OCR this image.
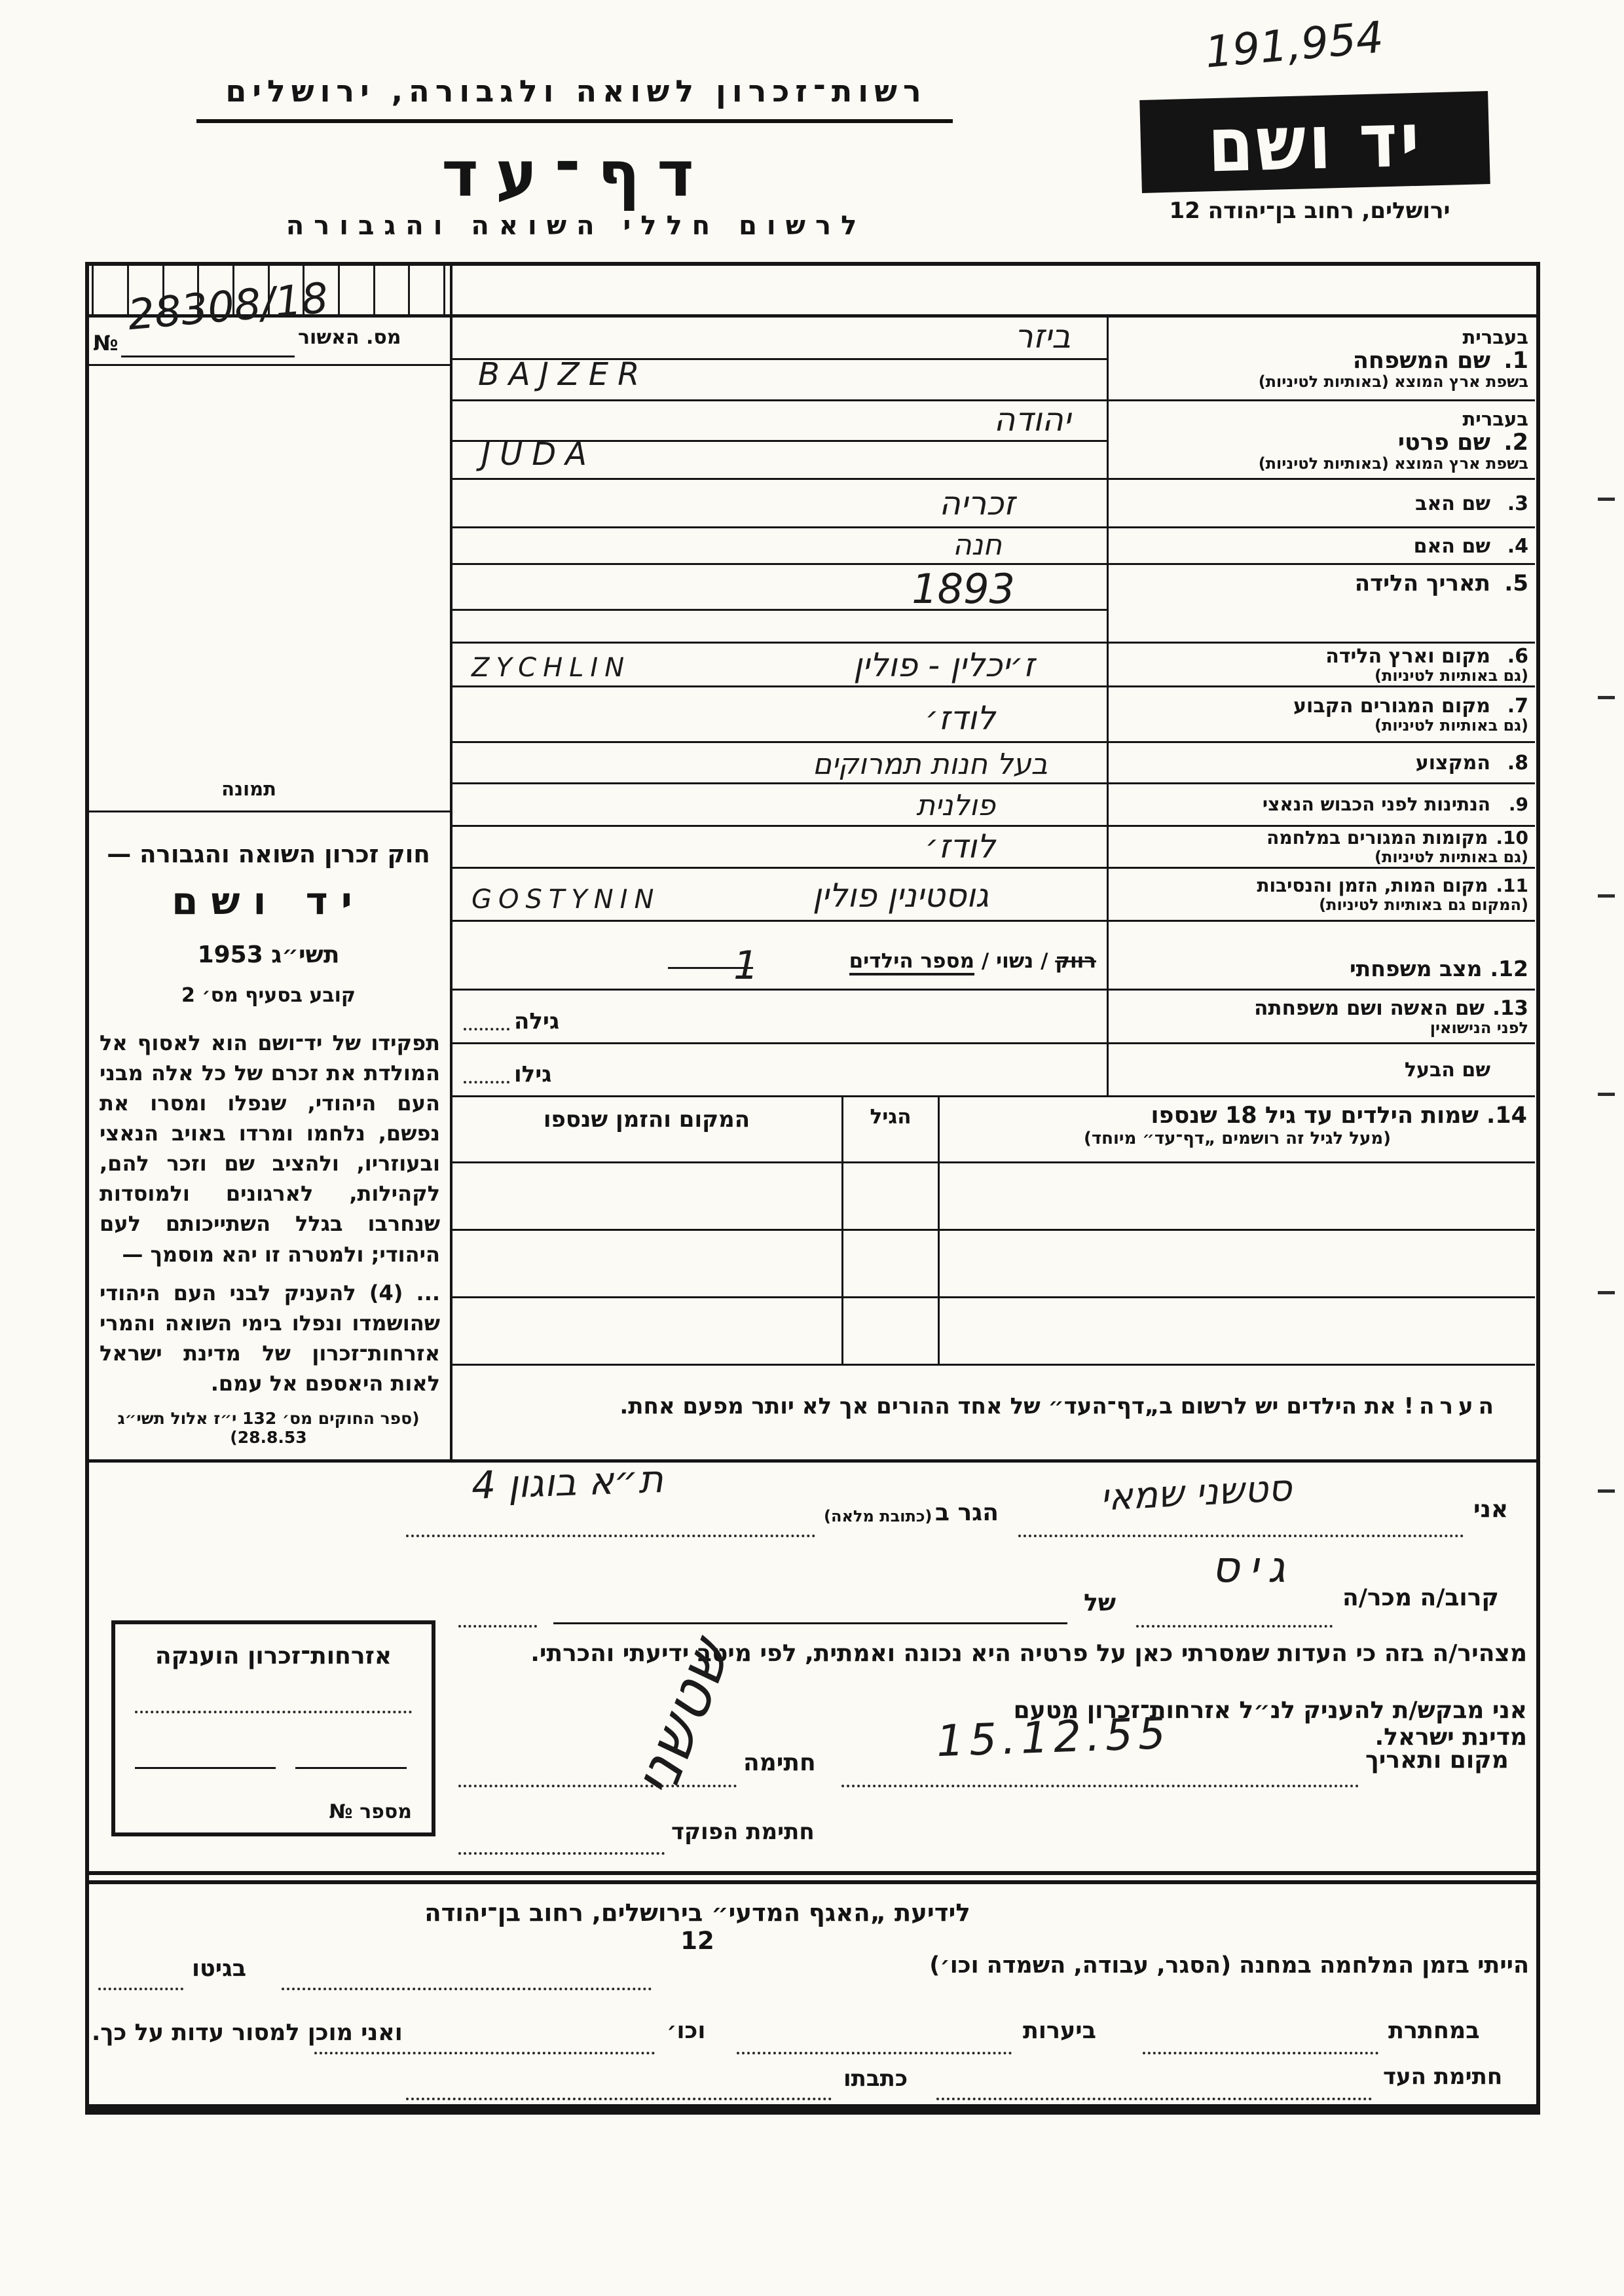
רשות־זכרון לשואה ולגבורה, ירושלים
דף־עד
לרשום חללי השואה והגבורה
191,954
יד ושם
ירושלים, רחוב בן־יהודה 12
מס. האשור
№
28308/18
תמונה
חוק זכרון השואה והגבורה —
יד ושם
תשי״ג 1953
קובע בסעיף מס׳ 2
תפקידו של יד־ושם הוא לאסוף אל המולדת את זכרם של כל אלה מבני העם היהודי, שנפלו ומסרו את נפשם, נלחמו ומרדו באויב הנאצי ובעוזריו, ולהציב שם וזכר להם, לקהילות, לארגונים ולמוסדות שנחרבו בגלל השתייכותם לעם היהודי; ולמטרה זו יהא מוסמך —
... (4) להעניק לבני העם היהודי שהושמדו ונפלו בימי השואה והמרי אזרחות־זכרון של מדינת ישראל לאות היאספם אל עמם.
(ספר החוקים מס׳ 132 י״ז אלול תשי״ג 28.8.53)
בעברית
1.
שם המשפחה
בשפת ארץ המוצא (באותיות לטיניות)
ביזר
BAJZER
בעברית
2.
שם פרטי
בשפת ארץ המוצא (באותיות לטיניות)
יהודה
JUDA
3.
שם האב
זכריה
4.
שם האם
חנה
5.
תאריך הלידה
1893
6.
מקום וארץ הלידה
(גם באותיות לטיניות)
ז׳יכלין - פולין
ZYCHLIN
7.
מקום המגורים הקבוע
(גם באותיות לטיניות)
לודז׳
8.
המקצוע
בעל חנות תמרוקים
9.
הנתינות לפני הכבוש הנאצי
פולנית
10.
מקומות המגורים במלחמה
(גם באותיות לטיניות)
לודז׳
11.
מקום המות, הזמן והנסיבות
(המקום גם באותיות לטיניות)
גוסטינין פולין
GOSTYNIN
12.
מצב משפחתי
רווק / נשוי / מספר הילדים
1
13.
שם האשה ושם משפחתה
לפני הנישואין
גילה
שם הבעל
גילו
14.
שמות הילדים עד גיל 18 שנספו
(מעל לגיל זה רושמים „דף־עד״ מיוחד)
הגיל
המקום והזמן שנספו
הערה! את הילדים יש לרשום ב„דף־העד״ של אחד ההורים אך לא יותר מפעם אחת.
אני
סטשני שמאי
הגר ב
(כתובת מלאה)
ת״א בוגון 4
קרוב/ה מכר/ה
גיס
של
מצהיר/ה בזה כי העדות שמסרתי כאן על פרטיה היא נכונה ואמתית, לפי מיטב ידיעתי והכרתי.
אני מבקש/ת להעניק לנ״ל אזרחות־זכרון מטעם מדינת ישראל.
מקום ותאריך
15.12.55
חתימה
שטשני
חתימת הפוקד
אזרחות־זכרון הוענקה
מספר №
לידיעת „האגף המדעי״ בירושלים, רחוב בן־יהודה 12
הייתי בזמן המלחמה במחנה (הסגר, עבודה, השמדה וכו׳)
בגיטו
במחתרת
ביערות
וכו׳
ואני מוכן למסור עדות על כך.
חתימת העד
כתבתו
